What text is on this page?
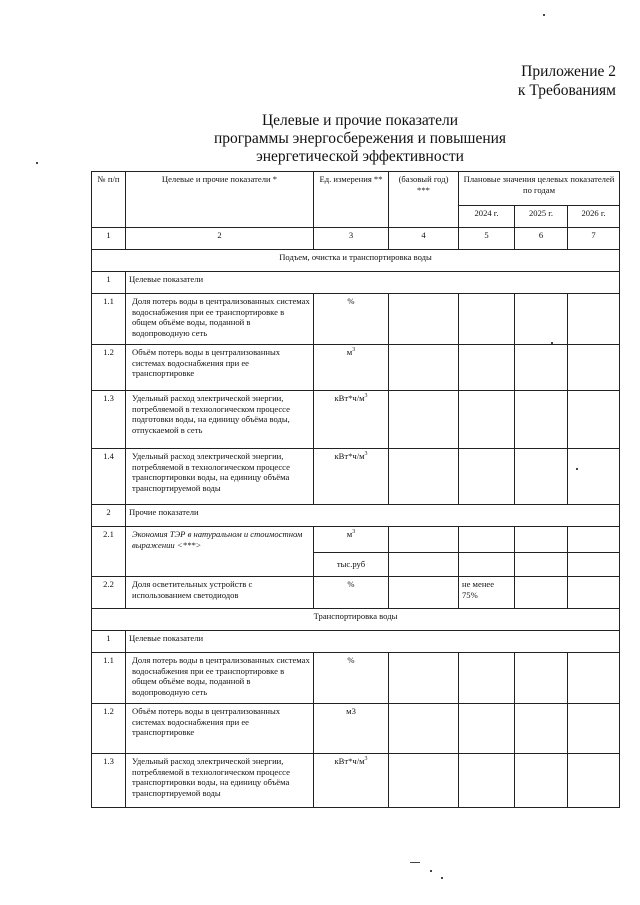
Приложение 2
к Требованиям
Целевые и прочие показатели
программы энергосбережения и повышения
энергетической эффективности
№ п/п	Целевые и прочие показатели *	Ед. измерения **	(базовый год) ***	Плановые значения целевых показателей по годам		
				2024 г.	2025 г.	2026 г.
1	2	3	4	5	6	7
Подъем, очистка и транспортировка воды						
1	Целевые показатели					
1.1	Доля потерь воды в централизованных системах водоснабжения при ее транспортировке в общем объёме воды, поданной в водопроводную сеть	%				
1.2	Объём потерь воды в централизованных системах водоснабжения при ее транспортировке	$м^3$				
1.3	Удельный расход электрической энергии, потребляемой в технологическом процессе подготовки воды, на единицу объёма воды, отпускаемой в сеть	$кВт*ч/м^3$				
1.4	Удельный расход электрической энергии, потребляемой в технологическом процессе транспортировки воды, на единицу объёма транспортируемой воды	$кВт*ч/м^3$				
2	Прочие показатели					
2.1	Экономия ТЭР в натуральном и стоимостном выражении <***>	$м^3$				
		тыс.руб				
2.2	Доля осветительных устройств с использованием светодиодов	%		не менее 75%		
Транспортировка воды						
1	Целевые показатели					
1.1	Доля потерь воды в централизованных системах водоснабжения при ее транспортировке в общем объёме воды, поданной в водопроводную сеть	%				
1.2	Объём потерь воды в централизованных системах водоснабжения при ее транспортировке	м3				
1.3	Удельный расход электрической энергии, потребляемой в технологическом процессе транспортировки воды, на единицу объёма транспортируемой воды	$кВт*ч/м^3$				
